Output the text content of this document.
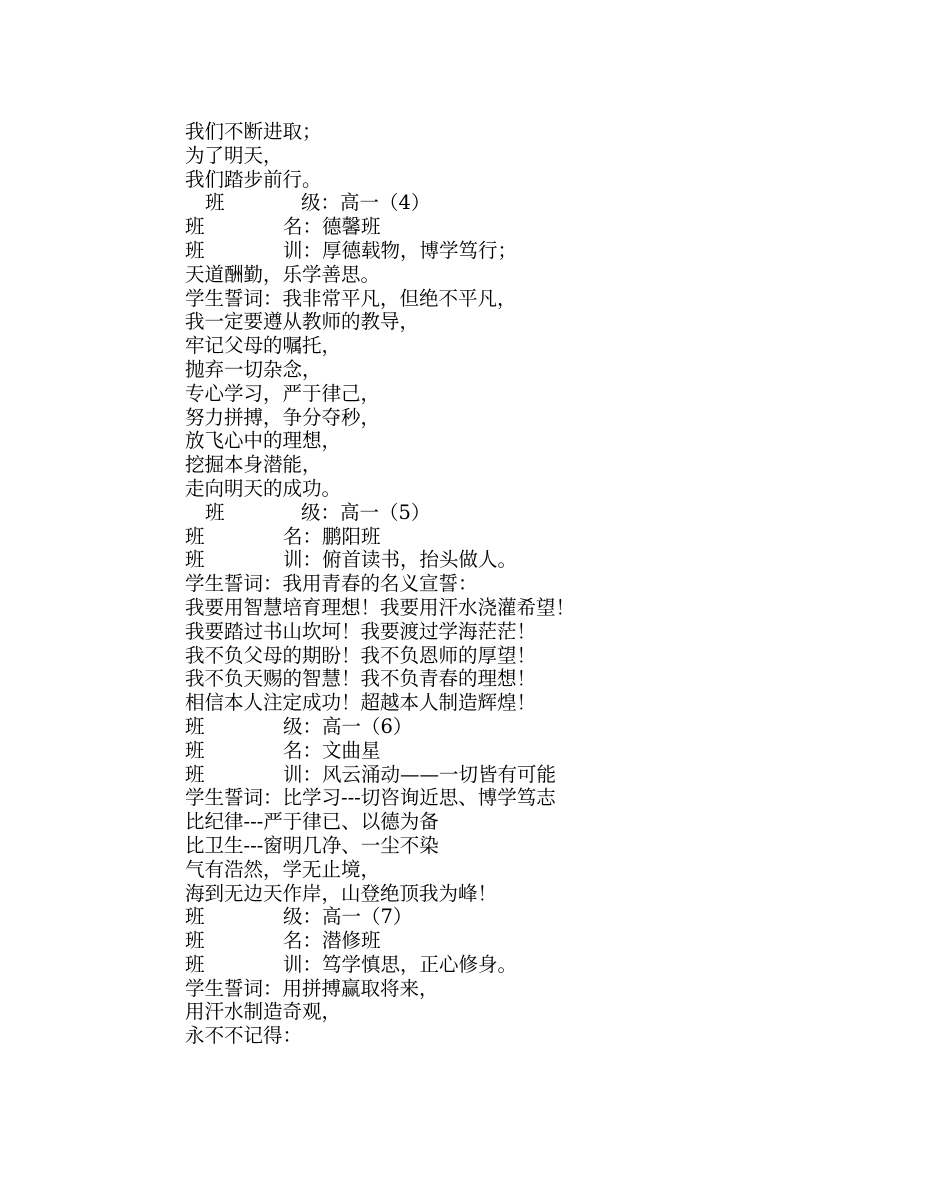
我们不断进取；
为了明天，
我们踏步前行。
班	级：高一（4）
班	名：德馨班
班	训：厚德载物，博学笃行；
天道酬勤，乐学善思。
学生誓词：我非常平凡，但绝不平凡，
我一定要遵从教师的教导，
牢记父母的嘱托，
抛弃一切杂念，
专心学习，严于律己，
努力拼搏，争分夺秒，
放飞心中的理想，
挖掘本身潜能，
走向明天的成功。
班	级：高一（5）
班	名：鹏阳班
班	训：俯首读书，抬头做人。
学生誓词：我用青春的名义宣誓：
我要用智慧培育理想！我要用汗水浇灌希望！
我要踏过书山坎坷！我要渡过学海茫茫！
我不负父母的期盼！我不负恩师的厚望！
我不负天赐的智慧！我不负青春的理想！
相信本人注定成功！超越本人制造辉煌！
班	级：高一（6）
班	名：文曲星
班	训：风云涌动——一切皆有可能
学生誓词：比学习---切咨询近思、博学笃志
比纪律---严于律已、以德为备
比卫生---窗明几净、一尘不染
气有浩然，学无止境，
海到无边天作岸，山登绝顶我为峰！
班	级：高一（7）
班	名：潜修班
班	训：笃学慎思，正心修身。
学生誓词：用拼搏赢取将来，
用汗水制造奇观，
永不不记得：
